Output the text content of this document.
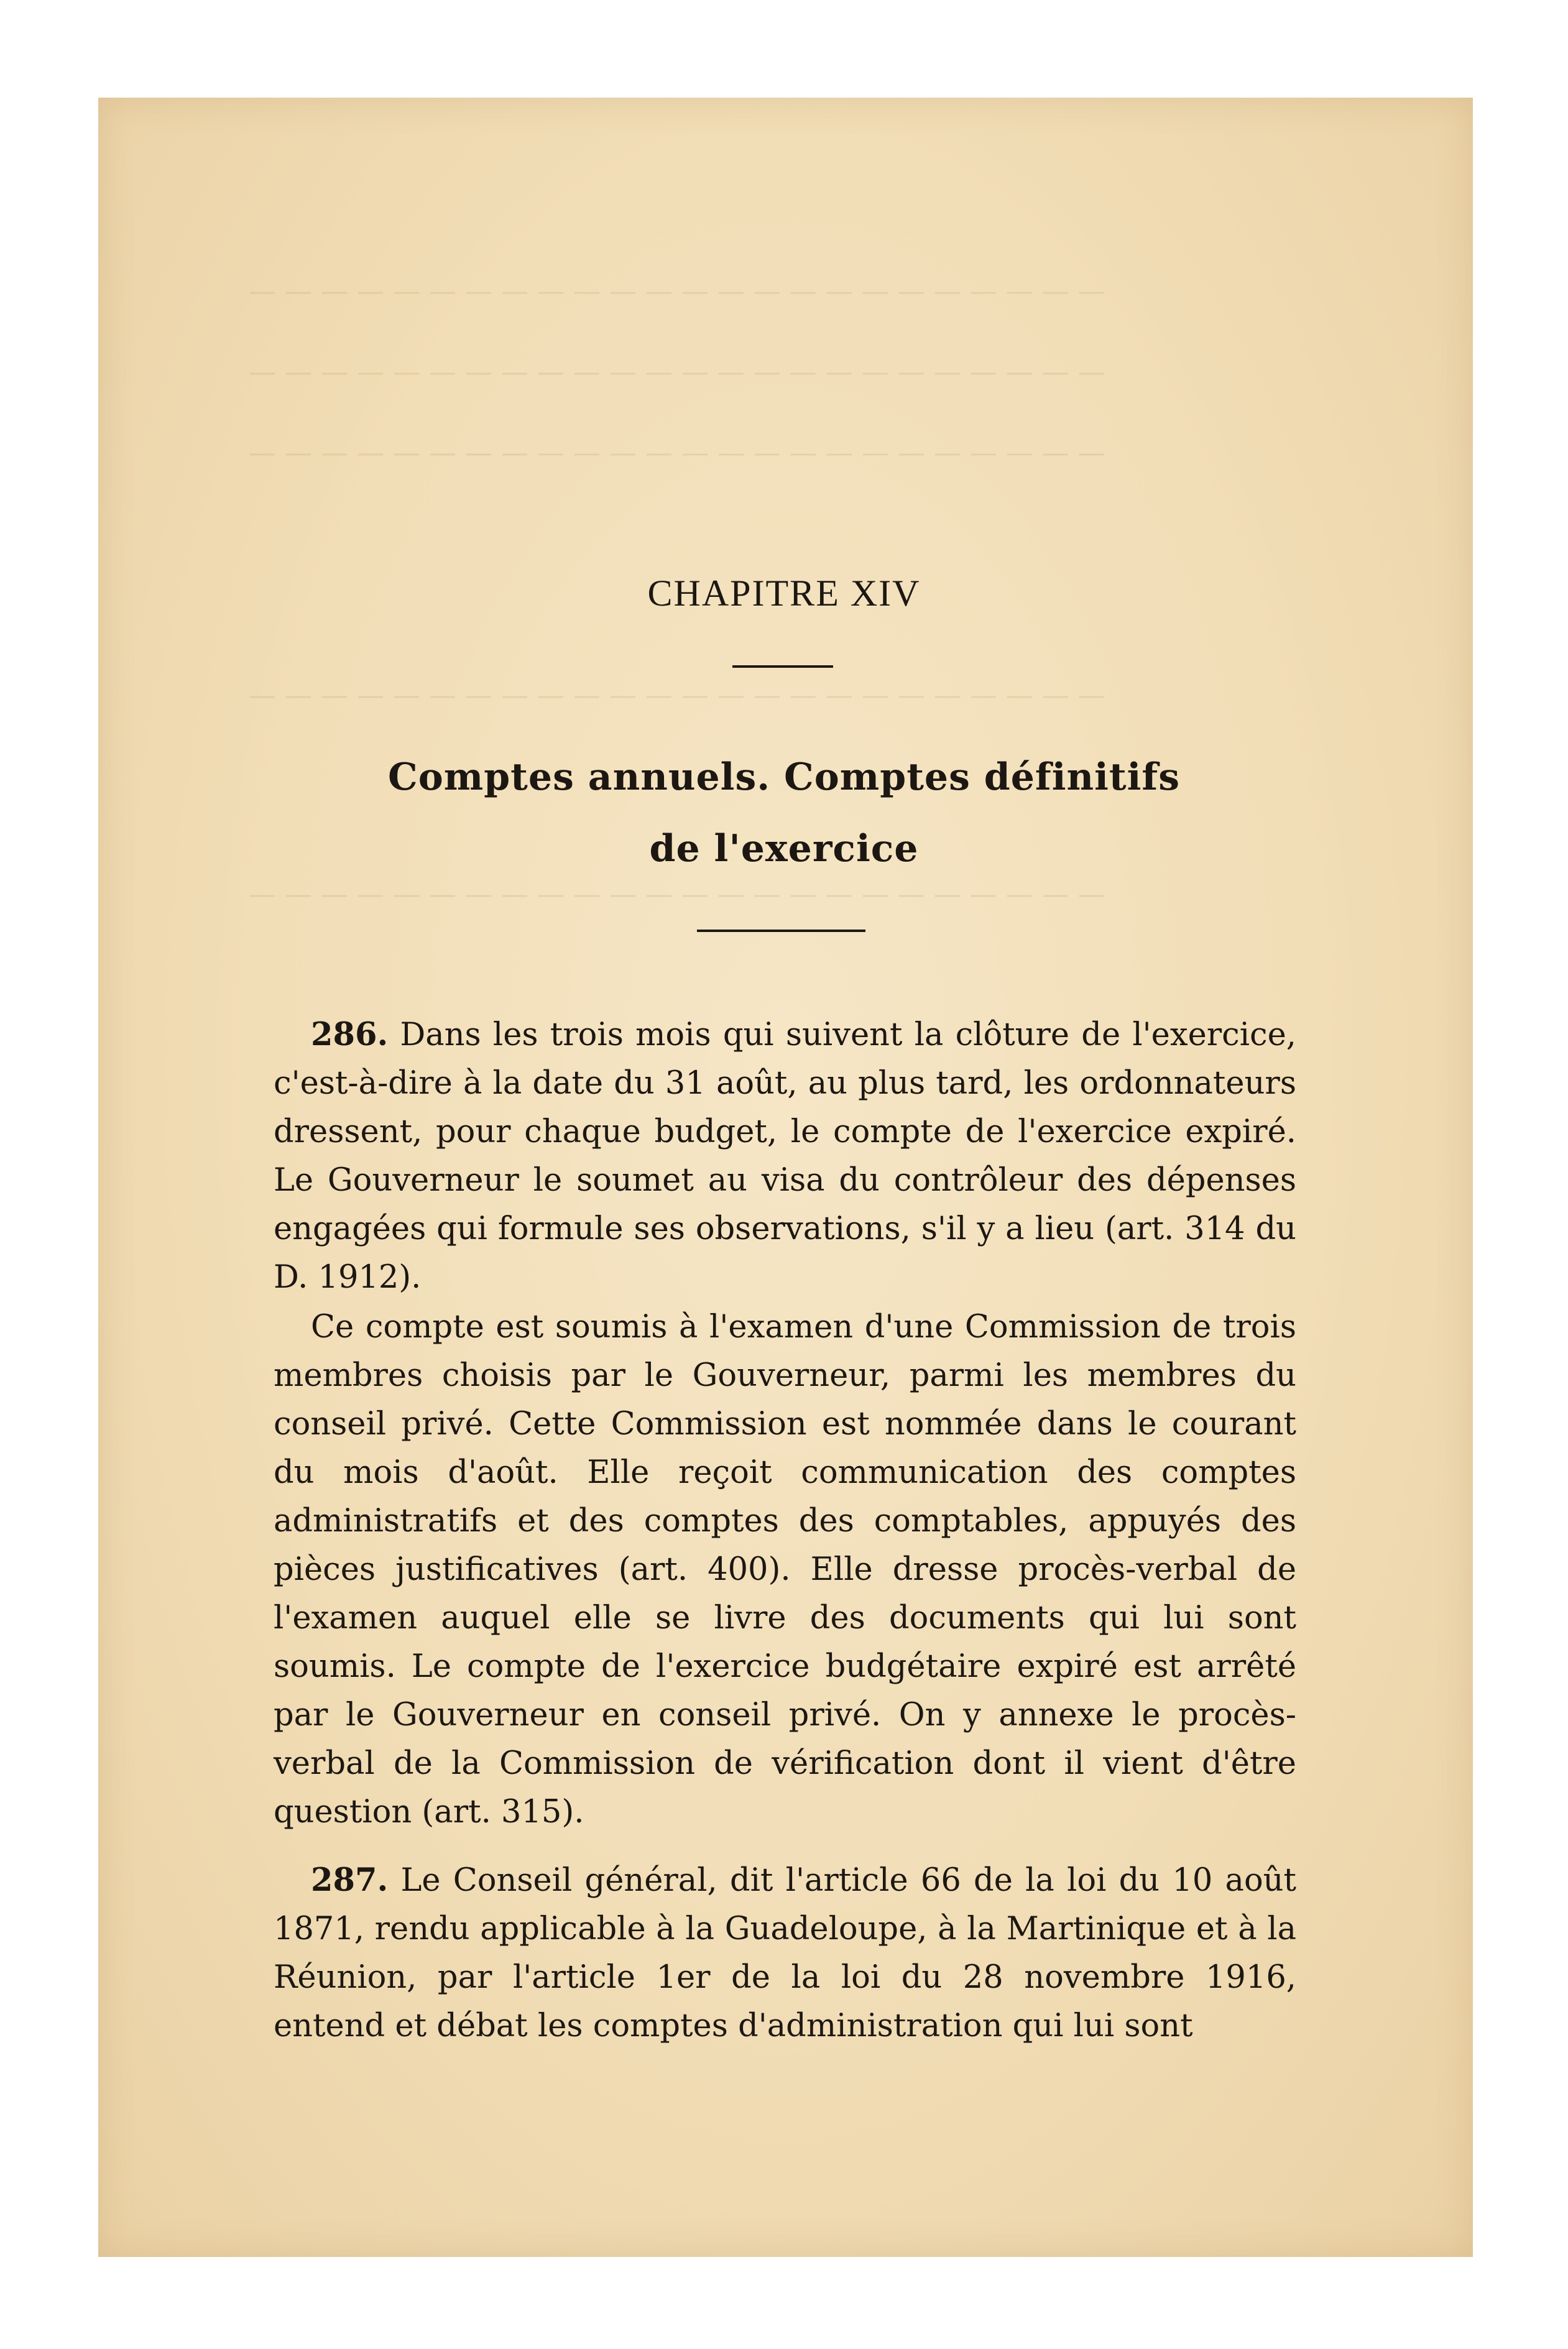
— — — — — — — — — — — — — — — — — — — — — — — —
— — — — — — — — — — — — — — — — — — — — — — — —
— — — — — — — — — — — — — — — — — — — — — — — —
— — — — — — — — — — — — — — — — — — — — — — — —
— — — — — — — — — — — — — — — — — — — — — — — —
CHAPITRE XIV
Comptes annuels. Comptes définitifs
de l'exercice

286. Dans les trois mois qui suivent la clôture de l'exercice, c'est-à-dire à la date du 31 août, au plus tard, les ordonnateurs dressent, pour chaque budget, le compte de l'exercice expiré. Le Gouverneur le soumet au visa du contrôleur des dépenses engagées qui formule ses observations, s'il y a lieu (art. 314 du D. 1912).

Ce compte est soumis à l'examen d'une Commission de trois membres choisis par le Gouverneur, parmi les membres du conseil privé. Cette Commission est nommée dans le courant du mois d'août. Elle reçoit communication des comptes administratifs et des comptes des comptables, appuyés des pièces justificatives (art. 400). Elle dresse procès-verbal de l'examen auquel elle se livre des documents qui lui sont soumis. Le compte de l'exercice budgétaire expiré est arrêté par le Gouverneur en conseil privé. On y annexe le procès-verbal de la Commission de vérification dont il vient d'être question (art. 315).

287. Le Conseil général, dit l'article 66 de la loi du 10 août 1871, rendu applicable à la Guadeloupe, à la Martinique et à la Réunion, par l'article 1er de la loi du 28 novembre 1916, entend et débat les comptes d'administration qui lui sont
